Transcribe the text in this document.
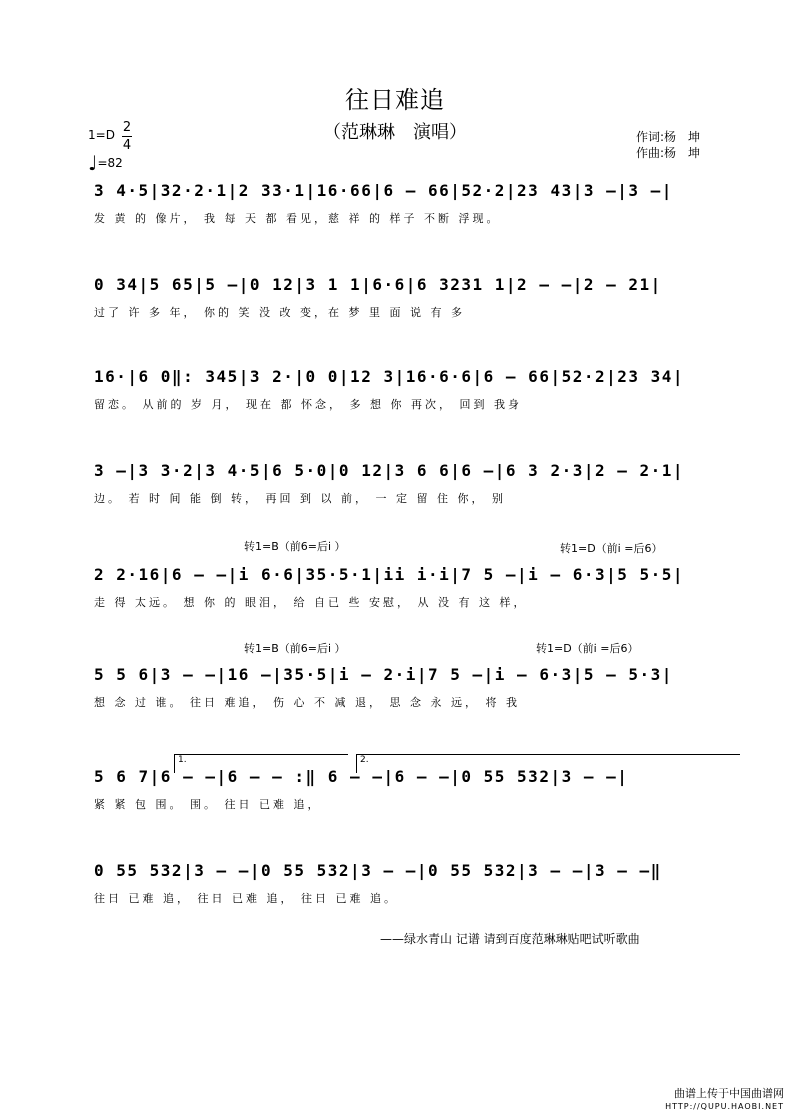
往日难追
（范琳琳　演唱）
1=D 2
4
♩=82
作词:杨　坤
作曲:杨　坤
3 4·5|32·2·1|2 33·1|16·66|6 — 66|52·2|23 43|3 —|3 —|
发 黄 的 像片， 我 每 天 都 看见，慈 祥 的 样子 不断 浮现。
0 34|5 65|5 —|0 12|3 1 1|6·6|6 3231 1|2 — —|2 — 21|
过了 许 多 年， 你的 笑 没 改 变，在 梦 里 面 说 有 多
16·|6 0‖: 345|3 2·|0 0|12 3|16·6·6|6 — 66|52·2|23 34|
留恋。 从前的 岁 月， 现在 都 怀念， 多 想 你 再次， 回到 我身
3 —|3 3·2|3 4·5|6 5·0|0 12|3 6 6|6 —|6 3 2·3|2 — 2·1|
边。 若 时 间 能 倒 转， 再回 到 以 前， 一 定 留 住 你， 别
转1=B（前6=后i̇ ）	转1=D（前i̇ =后6）
2 2·16|6 — —|i 6·6|35·5·1|ii i·i|7 5 —|i — 6·3|5 5·5|
走 得 太远。 想 你 的 眼泪， 给 自已 些 安慰， 从 没 有 这 样，
转1=B（前6=后i̇ ）	转1=D（前i̇ =后6）
5 5 6|3 — —|16 —|35·5|i — 2·i|7 5 —|i — 6·3|5 — 5·3|
想 念 过 谁。 往日 难追， 伤 心 不 减 退， 思 念 永 远， 将 我
1.	2.
5 6 7|6 — —|6 — — :‖ 6 — —|6 — —|0 55 532|3 — —|
紧 紧 包 围。 围。 往日 已难 追，
0 55 532|3 — —|0 55 532|3 — —|0 55 532|3 — —|3 — —‖
往日 已难 追， 往日 已难 追， 往日 已难 追。
——绿水青山 记谱 请到百度范琳琳贴吧试听歌曲
曲谱上传于中国曲谱网
HTTP://QUPU.HAOBI.NET
